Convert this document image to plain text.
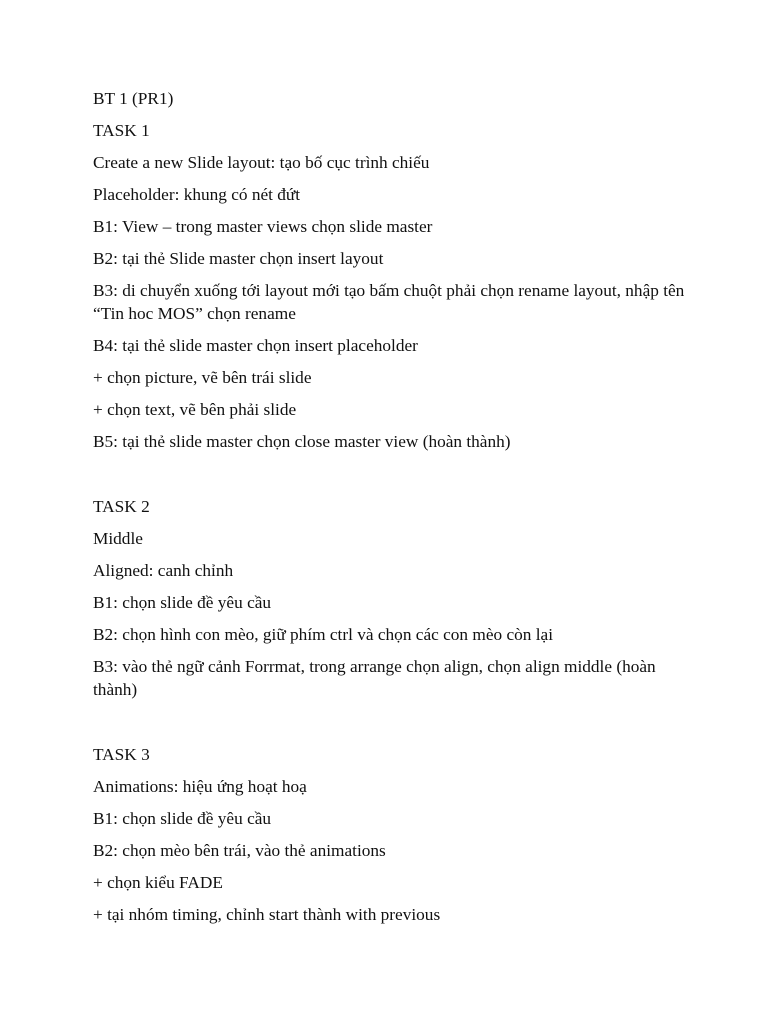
BT 1 (PR1)

TASK 1

Create a new Slide layout: tạo bố cục trình chiếu

Placeholder: khung có nét đứt

B1: View – trong master views chọn slide master

B2: tại thẻ Slide master chọn insert layout

B3: di chuyển xuống tới layout mới tạo bấm chuột phải chọn rename layout, nhập tên “Tin hoc MOS” chọn rename

B4: tại thẻ slide master chọn insert placeholder

+ chọn picture, vẽ bên trái slide

+ chọn text, vẽ bên phải slide

B5: tại thẻ slide master chọn close master view (hoàn thành)

TASK 2

Middle

Aligned: canh chỉnh

B1: chọn slide đề yêu cầu

B2: chọn hình con mèo, giữ phím ctrl và chọn các con mèo còn lại

B3: vào thẻ ngữ cảnh Forrmat, trong arrange chọn align, chọn align middle (hoàn thành)

TASK 3

Animations: hiệu ứng hoạt hoạ

B1: chọn slide đề yêu cầu

B2: chọn mèo bên trái, vào thẻ animations

+ chọn kiểu FADE

+ tại nhóm timing, chỉnh start thành with previous
